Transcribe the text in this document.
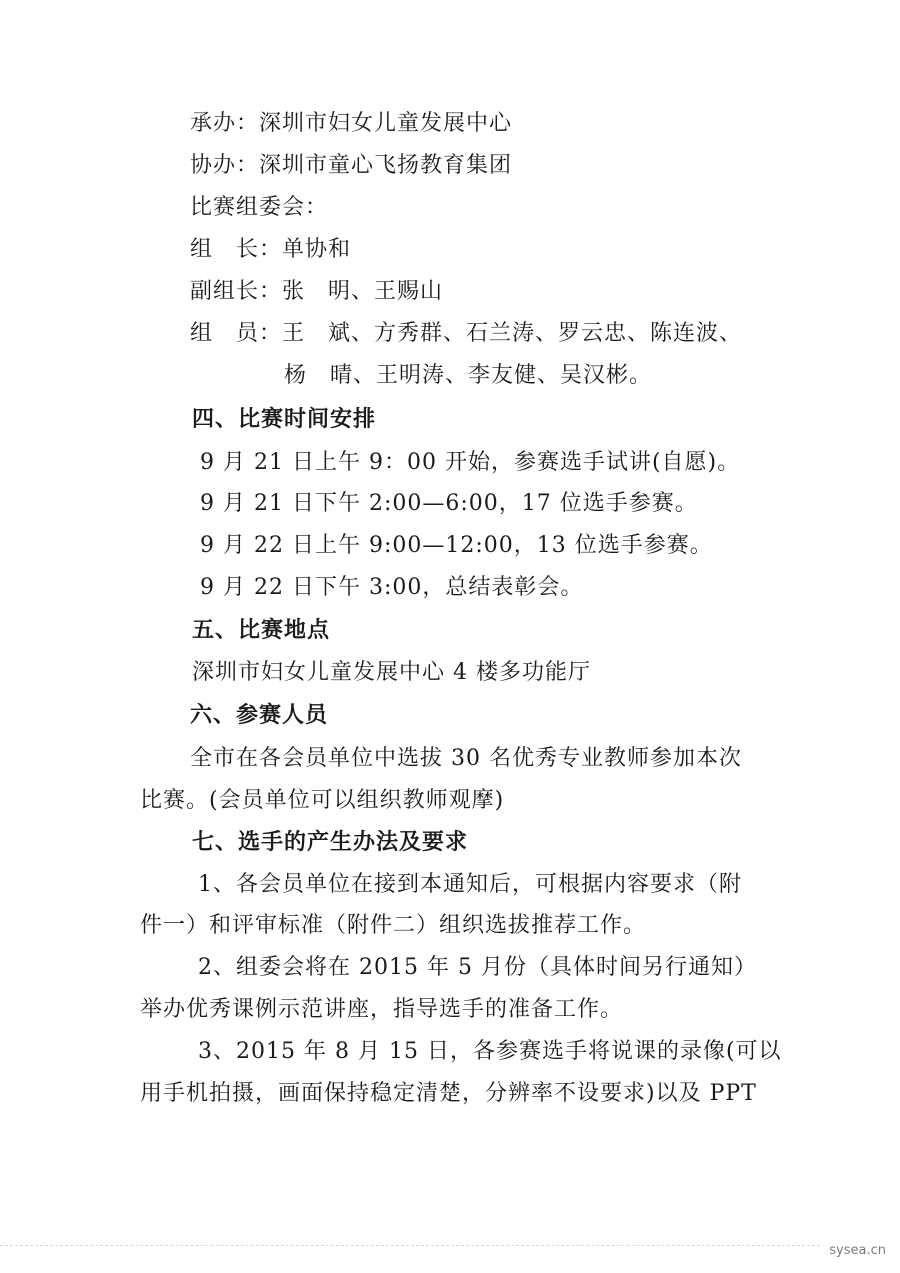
承办：深圳市妇女儿童发展中心
协办：深圳市童心飞扬教育集团
比赛组委会：
组　长：单协和
副组长：张　明、王赐山
组　员：王　斌、方秀群、石兰涛、罗云忠、陈连波、
杨　晴、王明涛、李友健、吴汉彬。
四、比赛时间安排
9 月 21 日上午 9：00 开始，参赛选手试讲(自愿)。
9 月 21 日下午 2:00—6:00，17 位选手参赛。
9 月 22 日上午 9:00—12:00，13 位选手参赛。
9 月 22 日下午 3:00，总结表彰会。
五、比赛地点
深圳市妇女儿童发展中心 4 楼多功能厅
六、参赛人员
全市在各会员单位中选拔 30 名优秀专业教师参加本次
比赛。(会员单位可以组织教师观摩)
七、选手的产生办法及要求
1、各会员单位在接到本通知后，可根据内容要求（附
件一）和评审标准（附件二）组织选拔推荐工作。
2、组委会将在 2015 年 5 月份（具体时间另行通知）
举办优秀课例示范讲座，指导选手的准备工作。
3、2015 年 8 月 15 日，各参赛选手将说课的录像(可以
用手机拍摄，画面保持稳定清楚，分辨率不设要求)以及 PPT
sysea.cn
